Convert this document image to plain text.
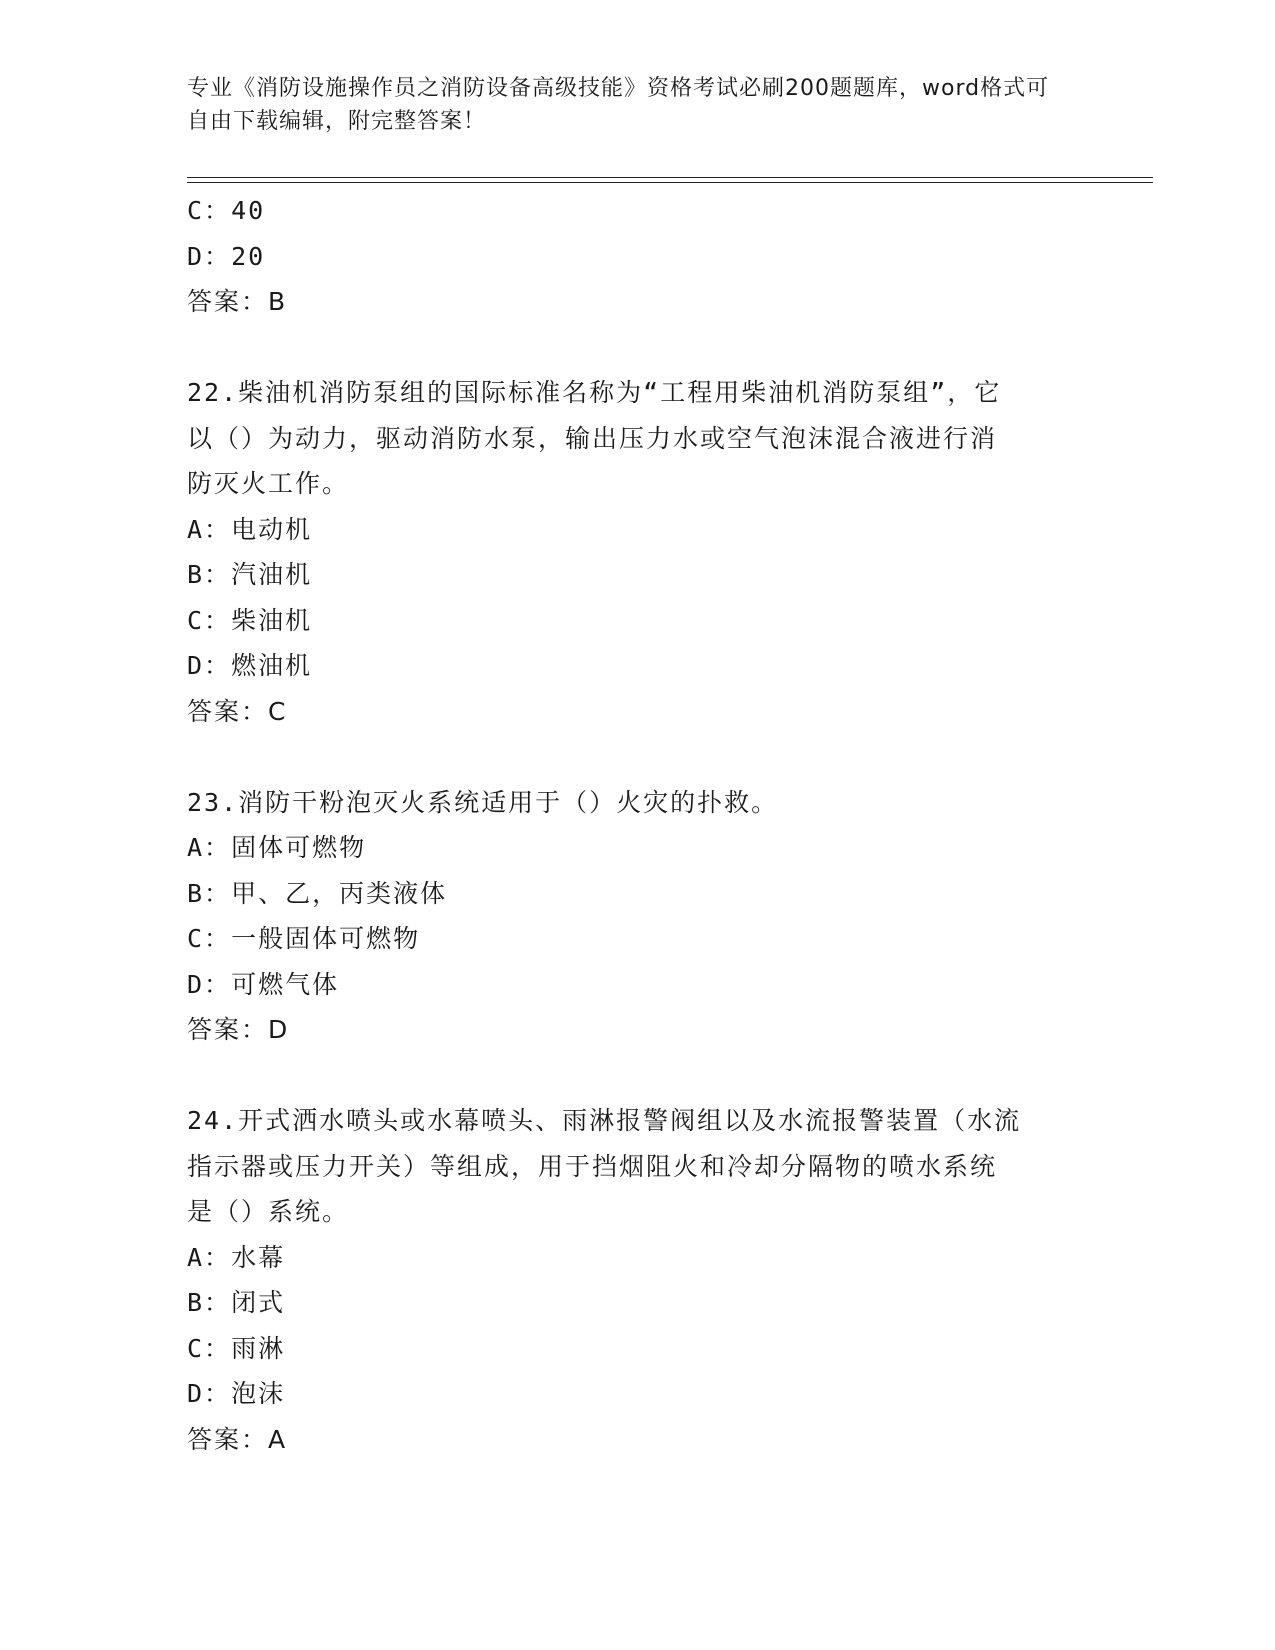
专业《消防设施操作员之消防设备高级技能》资格考试必刷200题题库，word格式可自由下载编辑，附完整答案！
C：40
D：20
答案：B
22.柴油机消防泵组的国际标准名称为“工程用柴油机消防泵组”，它
以（）为动力，驱动消防水泵，输出压力水或空气泡沫混合液进行消
防灭火工作。
A：电动机
B：汽油机
C：柴油机
D：燃油机
答案：C
23.消防干粉泡灭火系统适用于（）火灾的扑救。
A：固体可燃物
B：甲、乙，丙类液体
C：一般固体可燃物
D：可燃气体
答案：D
24.开式洒水喷头或水幕喷头、雨淋报警阀组以及水流报警装置（水流
指示器或压力开关）等组成，用于挡烟阻火和冷却分隔物的喷水系统
是（）系统。
A：水幕
B：闭式
C：雨淋
D：泡沫
答案：A
